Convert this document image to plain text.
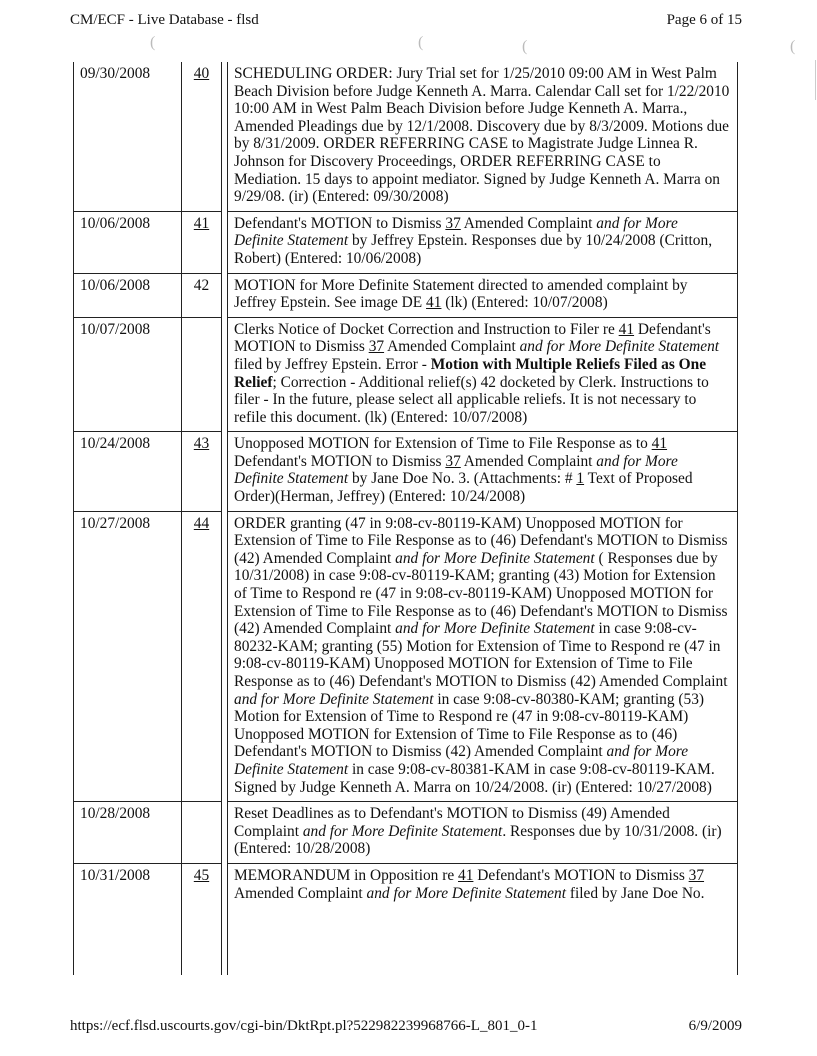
CM/ECF - Live Database - flsd	Page 6 of 15
(	(	(	(
09/30/2008	40		SCHEDULING ORDER: Jury Trial set for 1/25/2010 09:00 AM in West Palm Beach Division before Judge Kenneth A. Marra. Calendar Call set for 1/22/2010 10:00 AM in West Palm Beach Division before Judge Kenneth A. Marra., Amended Pleadings due by 12/1/2008. Discovery due by 8/3/2009. Motions due by 8/31/2009. ORDER REFERRING CASE to Magistrate Judge Linnea R. Johnson for Discovery Proceedings, ORDER REFERRING CASE to Mediation. 15 days to appoint mediator. Signed by Judge Kenneth A. Marra on 9/29/08. (ir) (Entered: 09/30/2008)
10/06/2008	41		Defendant's MOTION to Dismiss 37 Amended Complaint and for More Definite Statement by Jeffrey Epstein. Responses due by 10/24/2008 (Critton, Robert) (Entered: 10/06/2008)
10/06/2008	42		MOTION for More Definite Statement directed to amended complaint by Jeffrey Epstein. See image DE 41 (lk) (Entered: 10/07/2008)
10/07/2008			Clerks Notice of Docket Correction and Instruction to Filer re 41 Defendant's MOTION to Dismiss 37 Amended Complaint and for More Definite Statement filed by Jeffrey Epstein. Error - Motion with Multiple Reliefs Filed as One Relief; Correction - Additional relief(s) 42 docketed by Clerk. Instructions to filer - In the future, please select all applicable reliefs. It is not necessary to refile this document. (lk) (Entered: 10/07/2008)
10/24/2008	43		Unopposed MOTION for Extension of Time to File Response as to 41 Defendant's MOTION to Dismiss 37 Amended Complaint and for More Definite Statement by Jane Doe No. 3. (Attachments: # 1 Text of Proposed Order)(Herman, Jeffrey) (Entered: 10/24/2008)
10/27/2008	44		ORDER granting (47 in 9:08-cv-80119-KAM) Unopposed MOTION for Extension of Time to File Response as to (46) Defendant's MOTION to Dismiss (42) Amended Complaint and for More Definite Statement ( Responses due by 10/31/2008) in case 9:08-cv-80119-KAM; granting (43) Motion for Extension of Time to Respond re (47 in 9:08-cv-80119-KAM) Unopposed MOTION for Extension of Time to File Response as to (46) Defendant's MOTION to Dismiss (42) Amended Complaint and for More Definite Statement in case 9:08-cv-80232-KAM; granting (55) Motion for Extension of Time to Respond re (47 in 9:08-cv-80119-KAM) Unopposed MOTION for Extension of Time to File Response as to (46) Defendant's MOTION to Dismiss (42) Amended Complaint and for More Definite Statement in case 9:08-cv-80380-KAM; granting (53) Motion for Extension of Time to Respond re (47 in 9:08-cv-80119-KAM) Unopposed MOTION for Extension of Time to File Response as to (46) Defendant's MOTION to Dismiss (42) Amended Complaint and for More Definite Statement in case 9:08-cv-80381-KAM in case 9:08-cv-80119-KAM. Signed by Judge Kenneth A. Marra on 10/24/2008. (ir) (Entered: 10/27/2008)
10/28/2008			Reset Deadlines as to Defendant's MOTION to Dismiss (49) Amended Complaint and for More Definite Statement. Responses due by 10/31/2008. (ir) (Entered: 10/28/2008)
10/31/2008	45		MEMORANDUM in Opposition re 41 Defendant's MOTION to Dismiss 37 Amended Complaint and for More Definite Statement filed by Jane Doe No.
https://ecf.flsd.uscourts.gov/cgi-bin/DktRpt.pl?522982239968766-L_801_0-1	6/9/2009
